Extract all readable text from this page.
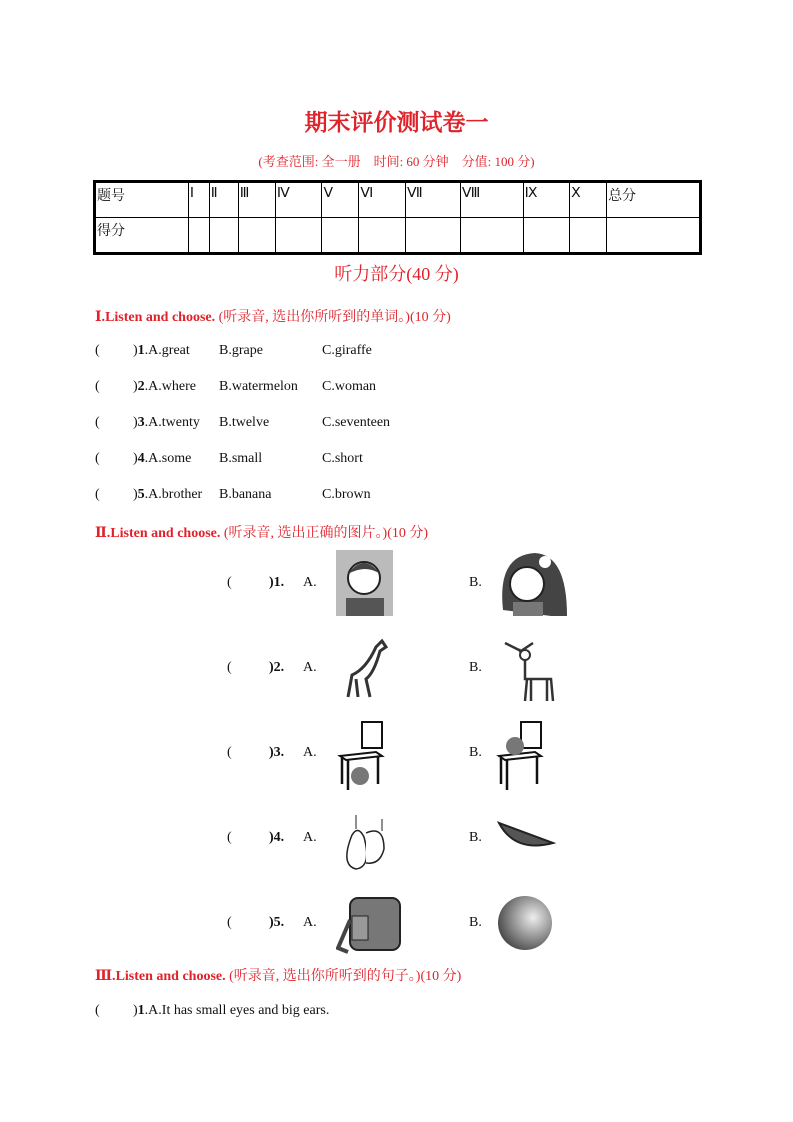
期末评价测试卷一
(考查范围: 全一册　时间: 60 分钟　分值: 100 分)
题号	Ⅰ	Ⅱ	Ⅲ	Ⅳ	Ⅴ	Ⅵ	Ⅶ	Ⅷ	Ⅸ	Ⅹ	总分
得分											
听力部分(40 分)
Ⅰ.Listen and choose. (听录音, 选出你所听到的单词。)(10 分)
( )1.A.great B.grape	C.giraffe
( )2.A.where B.watermelon C.woman
( )3.A.twenty B.twelve	C.seventeen
( )4.A.some B.small	C.short
( )5.A.brother B.banana	C.brown
Ⅱ.Listen and choose. (听录音, 选出正确的图片。)(10 分)
(	)1. A.	B.
(	)2. A.	B.
(	)3. A.	B.
(	)4. A.	B.
(	)5. A.	B.
Ⅲ.Listen and choose. (听录音, 选出你所听到的句子。)(10 分)
( )1.A.It has small eyes and big ears.
